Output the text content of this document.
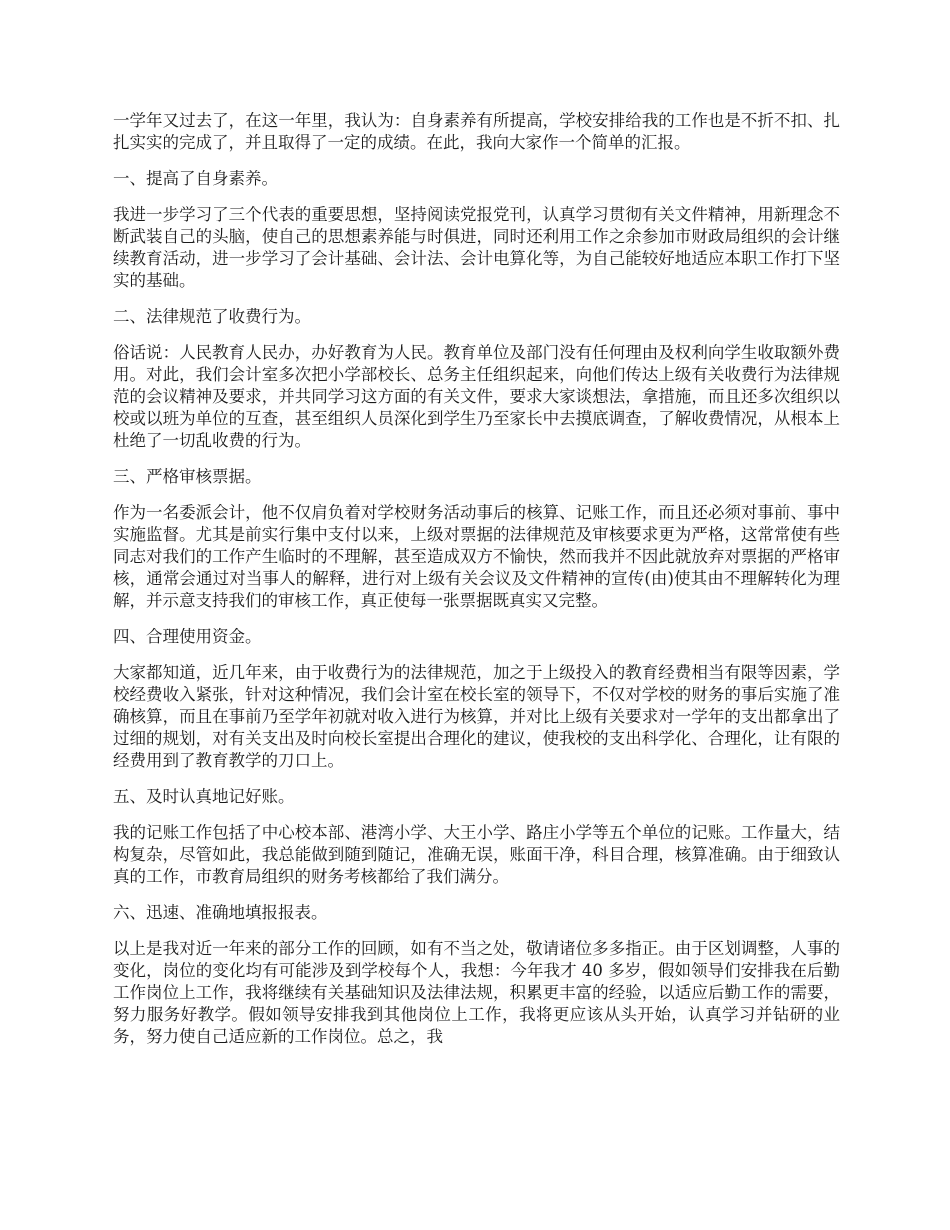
一学年又过去了，在这一年里，我认为：自身素养有所提高，学校安排给我的工作也是不折不扣、扎扎实实的完成了，并且取得了一定的成绩。在此，我向大家作一个简单的汇报。

一、提高了自身素养。

我进一步学习了三个代表的重要思想，坚持阅读党报党刊，认真学习贯彻有关文件精神，用新理念不断武装自己的头脑，使自己的思想素养能与时俱进，同时还利用工作之余参加市财政局组织的会计继续教育活动，进一步学习了会计基础、会计法、会计电算化等，为自己能较好地适应本职工作打下坚实的基础。

二、法律规范了收费行为。

俗话说：人民教育人民办，办好教育为人民。教育单位及部门没有任何理由及权利向学生收取额外费用。对此，我们会计室多次把小学部校长、总务主任组织起来，向他们传达上级有关收费行为法律规范的会议精神及要求，并共同学习这方面的有关文件，要求大家谈想法，拿措施，而且还多次组织以校或以班为单位的互查，甚至组织人员深化到学生乃至家长中去摸底调查，了解收费情况，从根本上杜绝了一切乱收费的行为。

三、严格审核票据。

作为一名委派会计，他不仅肩负着对学校财务活动事后的核算、记账工作，而且还必须对事前、事中实施监督。尤其是前实行集中支付以来，上级对票据的法律规范及审核要求更为严格，这常常使有些同志对我们的工作产生临时的不理解，甚至造成双方不愉快，然而我并不因此就放弃对票据的严格审核，通常会通过对当事人的解释，进行对上级有关会议及文件精神的宣传(由)使其由不理解转化为理解，并示意支持我们的审核工作，真正使每一张票据既真实又完整。

四、合理使用资金。

大家都知道，近几年来，由于收费行为的法律规范，加之于上级投入的教育经费相当有限等因素，学校经费收入紧张，针对这种情况，我们会计室在校长室的领导下，不仅对学校的财务的事后实施了准确核算，而且在事前乃至学年初就对收入进行为核算，并对比上级有关要求对一学年的支出都拿出了过细的规划，对有关支出及时向校长室提出合理化的建议，使我校的支出科学化、合理化，让有限的经费用到了教育教学的刀口上。

五、及时认真地记好账。

我的记账工作包括了中心校本部、港湾小学、大王小学、路庄小学等五个单位的记账。工作量大，结构复杂，尽管如此，我总能做到随到随记，准确无误，账面干净，科目合理，核算准确。由于细致认真的工作，市教育局组织的财务考核都给了我们满分。

六、迅速、准确地填报报表。

以上是我对近一年来的部分工作的回顾，如有不当之处，敬请诸位多多指正。由于区划调整，人事的变化，岗位的变化均有可能涉及到学校每个人，我想：今年我才 40 多岁，假如领导们安排我在后勤工作岗位上工作，我将继续有关基础知识及法律法规，积累更丰富的经验，以适应后勤工作的需要，努力服务好教学。假如领导安排我到其他岗位上工作，我将更应该从头开始，认真学习并钻研的业务，努力使自己适应新的工作岗位。总之，我
